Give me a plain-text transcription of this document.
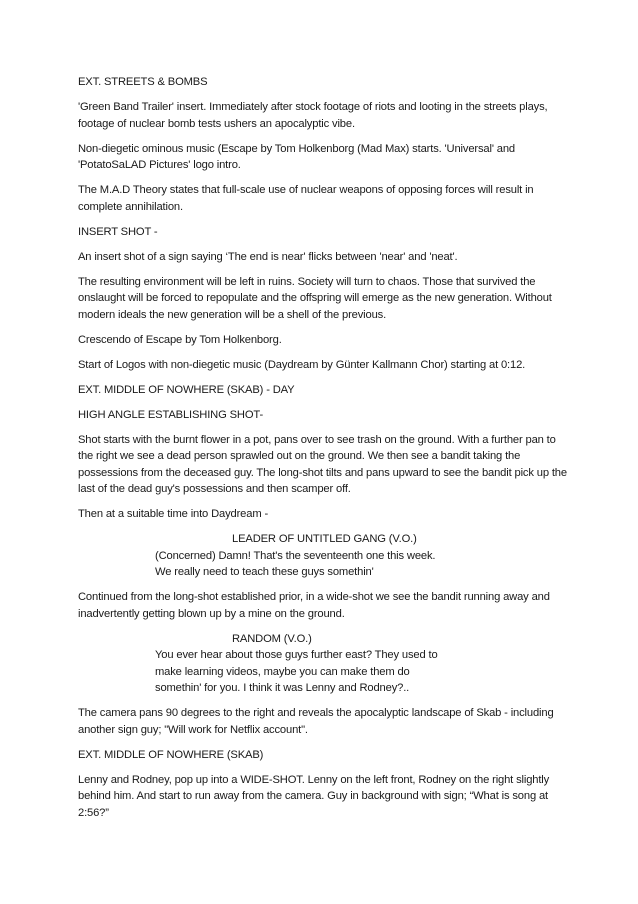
EXT. STREETS & BOMBS

'Green Band Trailer' insert. Immediately after stock footage of riots and looting in the streets plays, footage of nuclear bomb tests ushers an apocalyptic vibe.

Non-diegetic ominous music (Escape by Tom Holkenborg (Mad Max) starts. 'Universal' and 'PotatoSaLAD Pictures' logo intro.

The M.A.D Theory states that full-scale use of nuclear weapons of opposing forces will result in complete annihilation.

INSERT SHOT -

An insert shot of a sign saying ‘The end is near' flicks between 'near' and 'neat'.

The resulting environment will be left in ruins. Society will turn to chaos. Those that survived the onslaught will be forced to repopulate and the offspring will emerge as the new generation. Without modern ideals the new generation will be a shell of the previous.

Crescendo of Escape by Tom Holkenborg.

Start of Logos with non-diegetic music (Daydream by Günter Kallmann Chor) starting at 0:12.

EXT. MIDDLE OF NOWHERE (SKAB) - DAY

HIGH ANGLE ESTABLISHING SHOT-

Shot starts with the burnt flower in a pot, pans over to see trash on the ground. With a further pan to the right we see a dead person sprawled out on the ground. We then see a bandit taking the possessions from the deceased guy. The long-shot tilts and pans upward to see the bandit pick up the last of the dead guy's possessions and then scamper off.

Then at a suitable time into Daydream -

LEADER OF UNTITLED GANG (V.O.)
(Concerned) Damn! That's the seventeenth one this week.
We really need to teach these guys somethin'

Continued from the long-shot established prior, in a wide-shot we see the bandit running away and inadvertently getting blown up by a mine on the ground.

RANDOM (V.O.)
You ever hear about those guys further east? They used to
make learning videos, maybe you can make them do
somethin' for you. I think it was Lenny and Rodney?..

The camera pans 90 degrees to the right and reveals the apocalyptic landscape of Skab - including another sign guy; "Will work for Netflix account".

EXT. MIDDLE OF NOWHERE (SKAB)

Lenny and Rodney, pop up into a WIDE-SHOT. Lenny on the left front, Rodney on the right slightly behind him. And start to run away from the camera. Guy in background with sign; “What is song at 2:56?”
